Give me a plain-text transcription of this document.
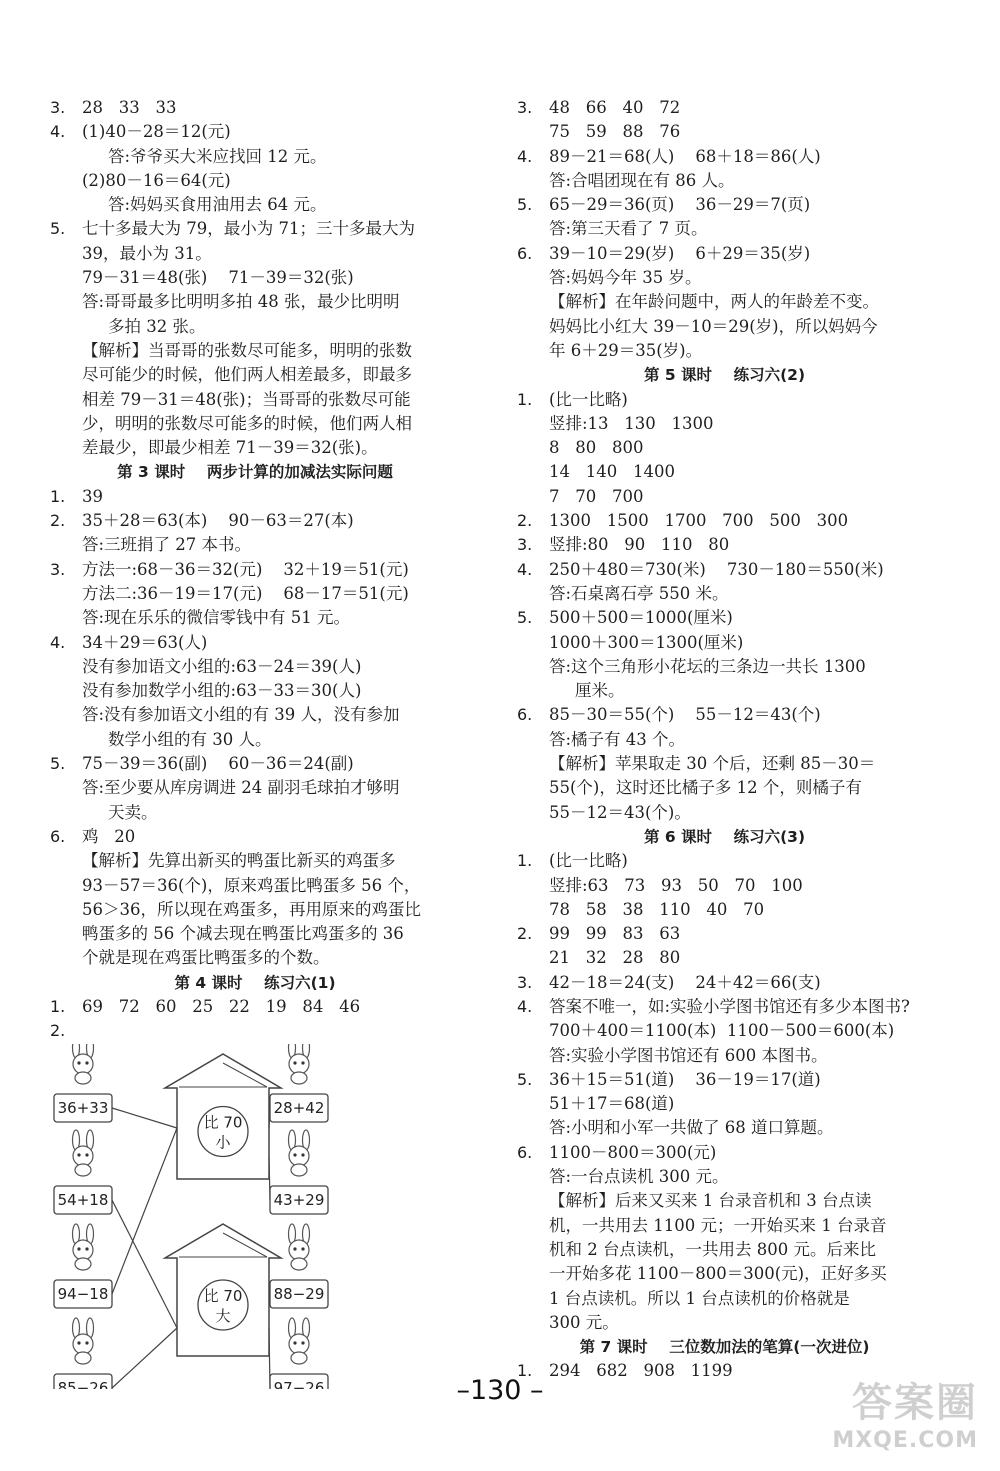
3. 28   33   33
4. (1)40－28＝12(元)
答:爷爷买大米应找回 12 元。
(2)80－16＝64(元)
答:妈妈买食用油用去 64 元。
5. 七十多最大为 79，最小为 71；三十多最大为
39，最小为 31。
79－31＝48(张)    71－39＝32(张)
答:哥哥最多比明明多拍 48 张，最少比明明
多拍 32 张。
【解析】当哥哥的张数尽可能多，明明的张数
尽可能少的时候，他们两人相差最多，即最多
相差 79－31＝48(张)；当哥哥的张数尽可能
少，明明的张数尽可能多的时候，他们两人相
差最少，即最少相差 71－39＝32(张)。
第 3 课时    两步计算的加减法实际问题
1. 39
2. 35＋28＝63(本)    90－63＝27(本)
答:三班捐了 27 本书。
3. 方法一:68－36＝32(元)    32＋19＝51(元)
方法二:36－19＝17(元)    68－17＝51(元)
答:现在乐乐的微信零钱中有 51 元。
4. 34＋29＝63(人)
没有参加语文小组的:63－24＝39(人)
没有参加数学小组的:63－33＝30(人)
答:没有参加语文小组的有 39 人，没有参加
数学小组的有 30 人。
5. 75－39＝36(副)    60－36＝24(副)
答:至少要从库房调进 24 副羽毛球拍才够明
天卖。
6. 鸡   20
【解析】先算出新买的鸭蛋比新买的鸡蛋多
93－57＝36(个)，原来鸡蛋比鸭蛋多 56 个，
56＞36，所以现在鸡蛋多，再用原来的鸡蛋比
鸭蛋多的 56 个减去现在鸭蛋比鸡蛋多的 36
个就是现在鸡蛋比鸭蛋多的个数。
第 4 课时    练习六(1)
1. 69   72   60   25   22   19   84   46
2.
比 70
小
比 70
大
36+33	28+42
54+18	43+29
94−18	88−29
85−26	97−26
3. 48   66   40   72
75   59   88   76
4. 89－21＝68(人)    68＋18＝86(人)
答:合唱团现在有 86 人。
5. 65－29＝36(页)    36－29＝7(页)
答:第三天看了 7 页。
6. 39－10＝29(岁)    6＋29＝35(岁)
答:妈妈今年 35 岁。
【解析】在年龄问题中，两人的年龄差不变。
妈妈比小红大 39－10＝29(岁)，所以妈妈今
年 6＋29＝35(岁)。
第 5 课时    练习六(2)
1. (比一比略)
竖排:13   130   1300
8   80   800
14   140   1400
7   70   700
2. 1300   1500   1700   700   500   300
3. 竖排:80   90   110   80
4. 250＋480＝730(米)    730－180＝550(米)
答:石桌离石亭 550 米。
5. 500＋500＝1000(厘米)
1000＋300＝1300(厘米)
答:这个三角形小花坛的三条边一共长 1300
厘米。
6. 85－30＝55(个)    55－12＝43(个)
答:橘子有 43 个。
【解析】苹果取走 30 个后，还剩 85－30＝
55(个)，这时还比橘子多 12 个，则橘子有
55－12＝43(个)。
第 6 课时    练习六(3)
1. (比一比略)
竖排:63   73   93   50   70   100
78   58   38   110   40   70
2. 99   99   83   63
21   32   28   80
3. 42－18＝24(支)    24＋42＝66(支)
4. 答案不唯一，如:实验小学图书馆还有多少本图书?
700＋400＝1100(本)  1100－500＝600(本)
答:实验小学图书馆还有 600 本图书。
5. 36＋15＝51(道)    36－19＝17(道)
51＋17＝68(道)
答:小明和小军一共做了 68 道口算题。
6. 1100－800＝300(元)
答:一台点读机 300 元。
【解析】后来又买来 1 台录音机和 3 台点读
机，一共用去 1100 元；一开始买来 1 台录音
机和 2 台点读机，一共用去 800 元。后来比
一开始多花 1100－800＝300(元)，正好多买
1 台点读机。所以 1 台点读机的价格就是
300 元。
第 7 课时    三位数加法的笔算(一次进位)
1. 294   682   908   1199
–130 –	答案圈
MXQE.COM
